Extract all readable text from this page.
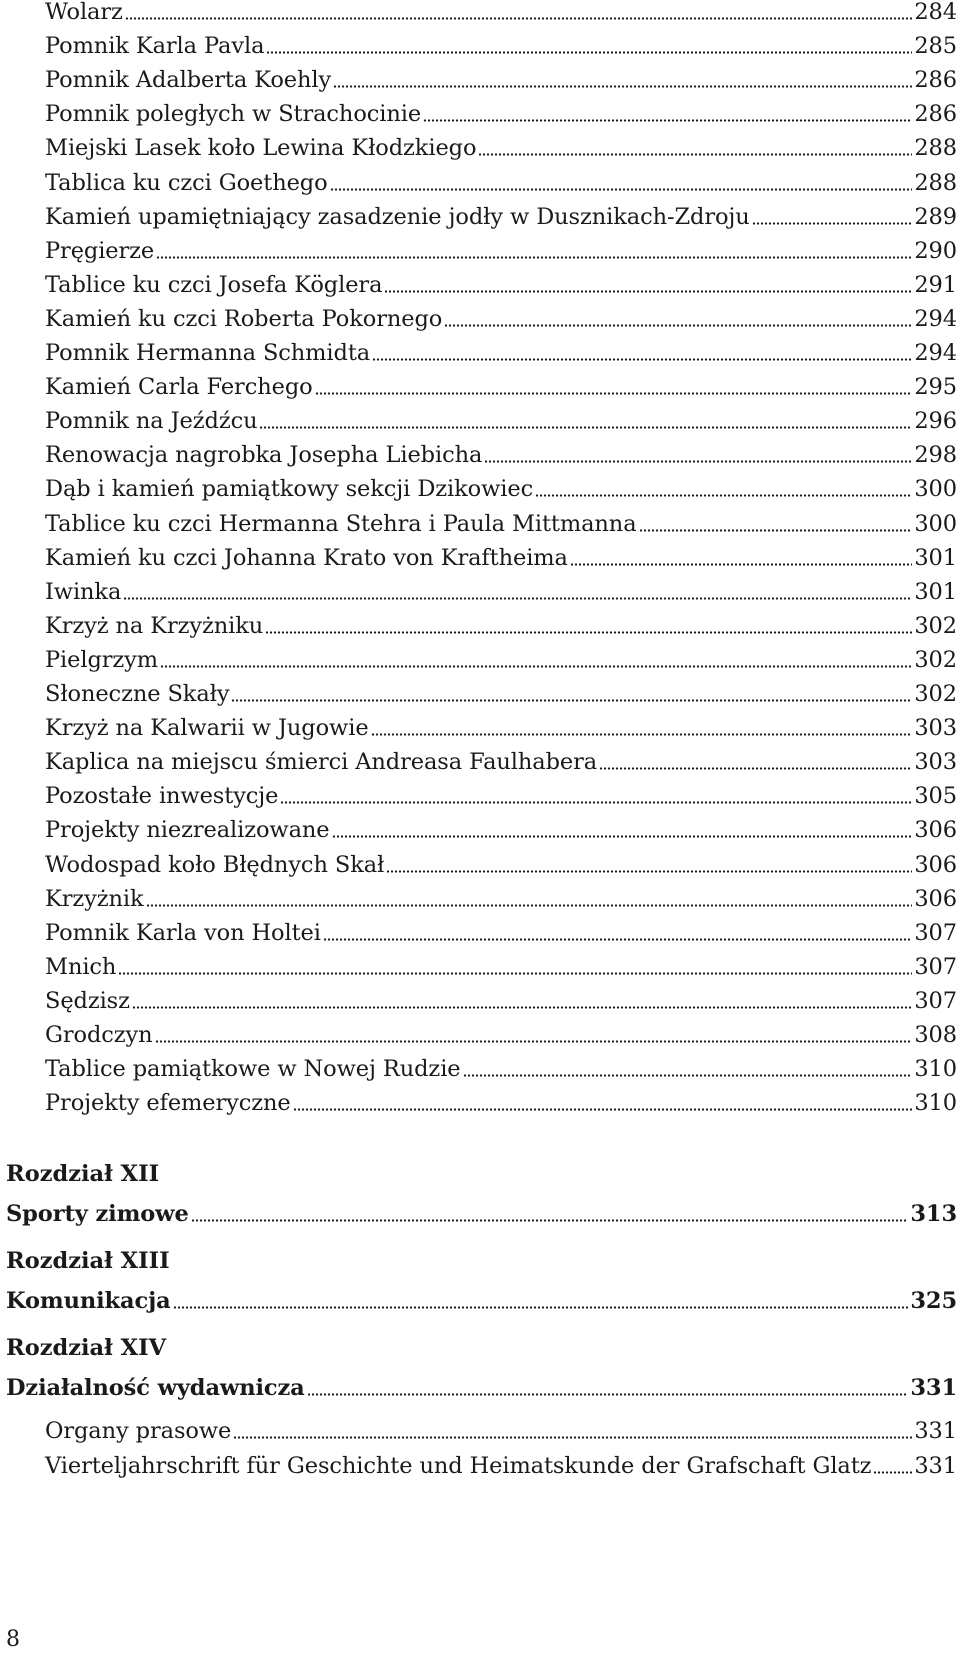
Wolarz	284
Pomnik Karla Pavla	285
Pomnik Adalberta Koehly	286
Pomnik poległych w Strachocinie	286
Miejski Lasek koło Lewina Kłodzkiego	288
Tablica ku czci Goethego	288
Kamień upamiętniający zasadzenie jodły w Dusznikach-Zdroju	289
Pręgierze	290
Tablice ku czci Josefa Köglera	291
Kamień ku czci Roberta Pokornego	294
Pomnik Hermanna Schmidta	294
Kamień Carla Ferchego	295
Pomnik na Jeźdźcu	296
Renowacja nagrobka Josepha Liebicha	298
Dąb i kamień pamiątkowy sekcji Dzikowiec	300
Tablice ku czci Hermanna Stehra i Paula Mittmanna	300
Kamień ku czci Johanna Krato von Kraftheima	301
Iwinka	301
Krzyż na Krzyżniku	302
Pielgrzym	302
Słoneczne Skały	302
Krzyż na Kalwarii w Jugowie	303
Kaplica na miejscu śmierci Andreasa Faulhabera	303
Pozostałe inwestycje	305
Projekty niezrealizowane	306
Wodospad koło Błędnych Skał	306
Krzyżnik	306
Pomnik Karla von Holtei	307
Mnich	307
Sędzisz	307
Grodczyn	308
Tablice pamiątkowe w Nowej Rudzie	310
Projekty efemeryczne	310
Rozdział XII
Sporty zimowe	313
Rozdział XIII
Komunikacja	325
Rozdział XIV
Działalność wydawnicza	331
Organy prasowe	331
Vierteljahrschrift für Geschichte und Heimatskunde der Grafschaft Glatz 331
8
